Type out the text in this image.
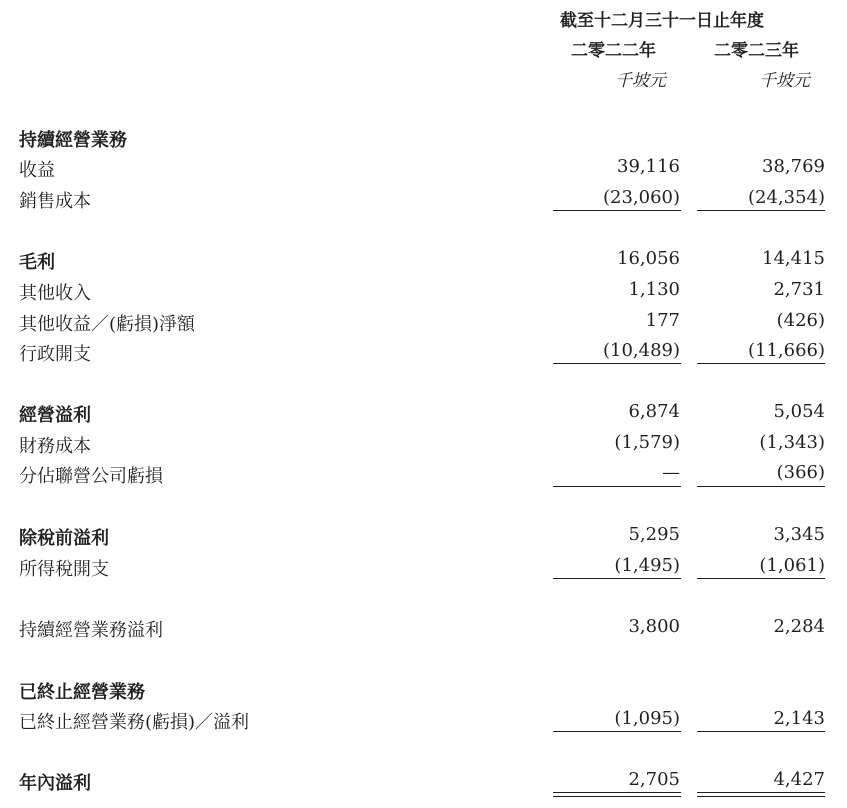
截至十二月三十一日止年度
二零二二年	二零二三年
千坡元	千坡元
持續經營業務
收益	39,116	38,769
銷售成本	(23,060)	(24,354)
毛利	16,056	14,415
其他收入	1,130	2,731
其他收益／(虧損)淨額	177	(426)
行政開支	(10,489)	(11,666)
經營溢利	6,874	5,054
財務成本	(1,579)	(1,343)
分佔聯營公司虧損	—	(366)
除稅前溢利	5,295	3,345
所得稅開支	(1,495)	(1,061)
持續經營業務溢利	3,800	2,284
已終止經營業務
已終止經營業務(虧損)／溢利	(1,095)	2,143
年內溢利	2,705	4,427
